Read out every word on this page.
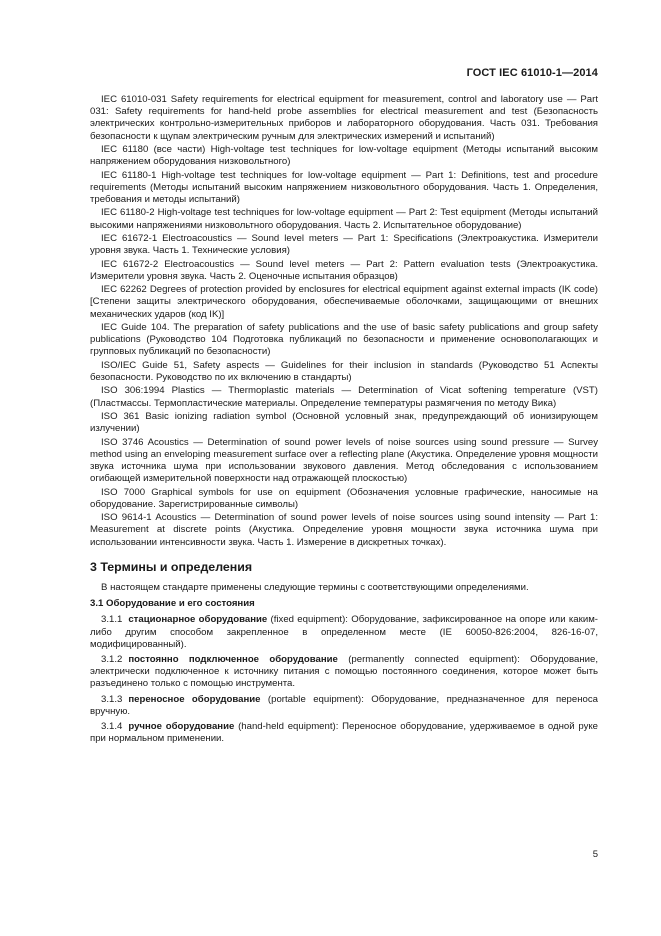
ГОСТ IEC 61010-1—2014

IEC 61010-031 Safety requirements for electrical equipment for measurement, control and laboratory use — Part 031: Safety requirements for hand-held probe assemblies for electrical measurement and test (Безопасность электрических контрольно-измерительных приборов и лабораторного оборудования. Часть 031. Требования безопасности к щупам электрическим ручным для электрических измерений и испытаний)

IEC 61180 (все части) High-voltage test techniques for low-voltage equipment (Методы испытаний высоким напряжением оборудования низковольтного)

IEC 61180-1 High-voltage test techniques for low-voltage equipment — Part 1: Definitions, test and procedure requirements (Методы испытаний высоким напряжением низковольтного оборудования. Часть 1. Определения, требования и методы испытаний)

IEC 61180-2 High-voltage test techniques for low-voltage equipment — Part 2: Test equipment (Методы испытаний высокими напряжениями низковольтного оборудования. Часть 2. Испытательное оборудование)

IEC 61672-1 Electroacoustics — Sound level meters — Part 1: Specifications (Электроакустика. Измерители уровня звука. Часть 1. Технические условия)

IEC 61672-2 Electroacoustics — Sound level meters — Part 2: Pattern evaluation tests (Электроакустика. Измерители уровня звука. Часть 2. Оценочные испытания образцов)

IEC 62262 Degrees of protection provided by enclosures for electrical equipment against external impacts (IK code) [Степени защиты электрического оборудования, обеспечиваемые оболочками, защищающими от внешних механических ударов (код IK)]

IEC Guide 104. The preparation of safety publications and the use of basic safety publications and group safety publications (Руководство 104 Подготовка публикаций по безопасности и применение основополагающих и групповых публикаций по безопасности)

ISO/IEC Guide 51, Safety aspects — Guidelines for their inclusion in standards (Руководство 51 Аспекты безопасности. Руководство по их включению в стандарты)

ISO 306:1994 Plastics — Thermoplastic materials — Determination of Vicat softening temperature (VST) (Пластмассы. Термопластические материалы. Определение температуры размягчения по методу Вика)

ISO 361 Basic ionizing radiation symbol (Основной условный знак, предупреждающий об ионизирующем излучении)

ISO 3746 Acoustics — Determination of sound power levels of noise sources using sound pressure — Survey method using an enveloping measurement surface over a reflecting plane (Акустика. Определение уровня мощности звука источника шума при использовании звукового давления. Метод обследования с использованием огибающей измерительной поверхности над отражающей плоскостью)

ISO 7000 Graphical symbols for use on equipment (Обозначения условные графические, наносимые на оборудование. Зарегистрированные символы)

ISO 9614-1 Acoustics — Determination of sound power levels of noise sources using sound intensity — Part 1: Measurement at discrete points (Акустика. Определение уровня мощности звука источника шума при использовании интенсивности звука. Часть 1. Измерение в дискретных точках).

3 Термины и определения

В настоящем стандарте применены следующие термины с соответствующими определениями.

3.1 Оборудование и его состояния

3.1.1 стационарное оборудование (fixed equipment): Оборудование, зафиксированное на опоре или каким-либо другим способом закрепленное в определенном месте (IE 60050-826:2004, 826-16-07, модифицированный).

3.1.2 постоянно подключенное оборудование (permanently connected equipment): Оборудование, электрически подключенное к источнику питания с помощью постоянного соединения, которое может быть разъединено только с помощью инструмента.

3.1.3 переносное оборудование (portable equipment): Оборудование, предназначенное для переноса вручную.

3.1.4 ручное оборудование (hand-held equipment): Переносное оборудование, удерживаемое в одной руке при нормальном применении.

5
